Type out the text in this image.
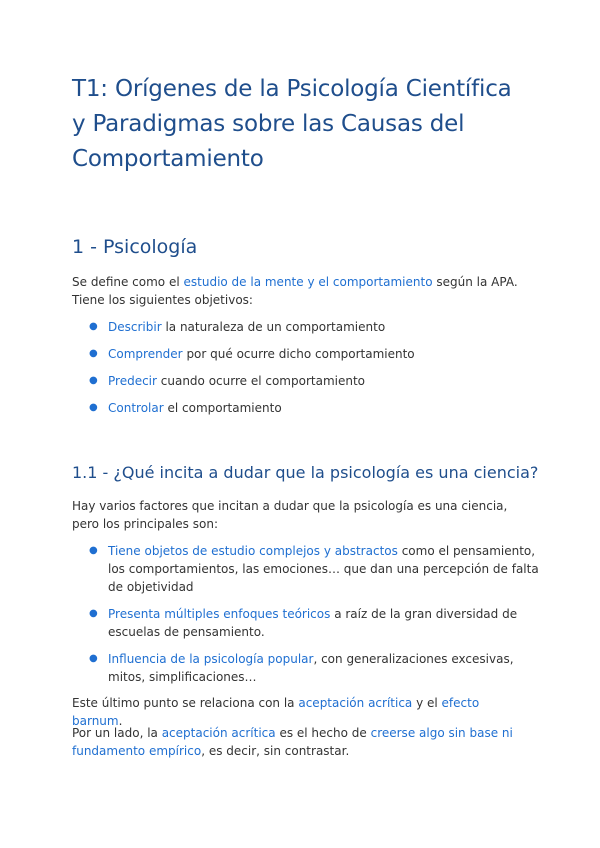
T1: Orígenes de la Psicología Científica y Paradigmas sobre las Causas del Comportamiento
1 - Psicología

Se define como el estudio de la mente y el comportamiento según la APA. Tiene los siguientes objetivos:

● Describir la naturaleza de un comportamiento
● Comprender por qué ocurre dicho comportamiento
● Predecir cuando ocurre el comportamiento
● Controlar el comportamiento
1.1 - ¿Qué incita a dudar que la psicología es una ciencia?

Hay varios factores que incitan a dudar que la psicología es una ciencia, pero los principales son:

● Tiene objetos de estudio complejos y abstractos como el pensamiento, los comportamientos, las emociones… que dan una percepción de falta de objetividad
● Presenta múltiples enfoques teóricos a raíz de la gran diversidad de escuelas de pensamiento.
● Influencia de la psicología popular, con generalizaciones excesivas, mitos, simplificaciones…

Este último punto se relaciona con la aceptación acrítica y el efecto barnum.

Por un lado, la aceptación acrítica es el hecho de creerse algo sin base ni fundamento empírico, es decir, sin contrastar.
